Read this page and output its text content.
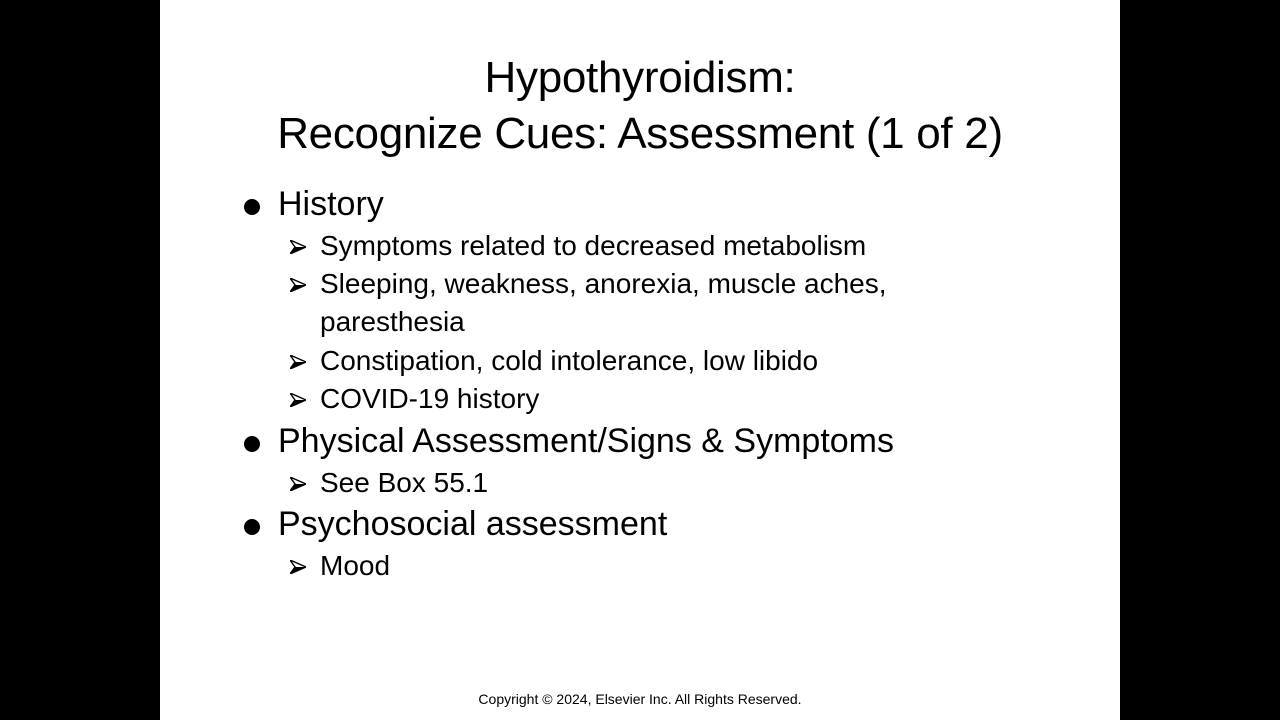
Hypothyroidism:
Recognize Cues: Assessment (1 of 2)
History
Symptoms related to decreased metabolism
Sleeping, weakness, anorexia, muscle aches,
paresthesia
Constipation, cold intolerance, low libido
COVID-19 history
Physical Assessment/Signs & Symptoms
See Box 55.1
Psychosocial assessment
Mood
Copyright © 2024, Elsevier Inc. All Rights Reserved.
